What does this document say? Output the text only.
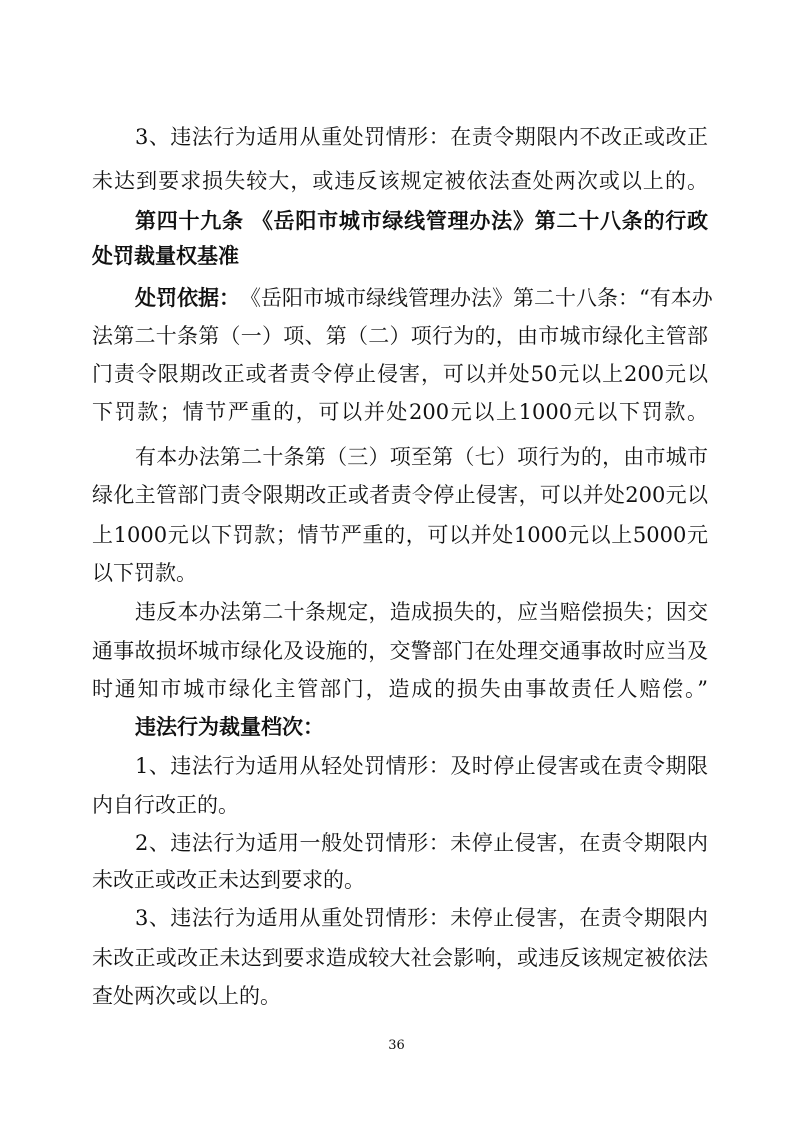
3、违法行为适用从重处罚情形：在责令期限内不改正或改正
未达到要求损失较大，或违反该规定被依法查处两次或以上的。
第四十九条 《岳阳市城市绿线管理办法》第二十八条的行政
处罚裁量权基准
处罚依据： 《岳阳市城市绿线管理办法》第二十八条：“有本办
法第二十条第（一）项、第（二）项行为的，由市城市绿化主管部
门责令限期改正或者责令停止侵害，可以并处50元以上200元以
下罚款；情节严重的，可以并处200元以上1000元以下罚款。
有本办法第二十条第（三）项至第（七）项行为的，由市城市
绿化主管部门责令限期改正或者责令停止侵害，可以并处200元以
上1000元以下罚款；情节严重的，可以并处1000元以上5000元
以下罚款。
违反本办法第二十条规定，造成损失的，应当赔偿损失；因交
通事故损坏城市绿化及设施的，交警部门在处理交通事故时应当及
时通知市城市绿化主管部门，造成的损失由事故责任人赔偿。”
违法行为裁量档次：
1、违法行为适用从轻处罚情形：及时停止侵害或在责令期限
内自行改正的。
2、违法行为适用一般处罚情形：未停止侵害，在责令期限内
未改正或改正未达到要求的。
3、违法行为适用从重处罚情形：未停止侵害，在责令期限内
未改正或改正未达到要求造成较大社会影响，或违反该规定被依法
查处两次或以上的。
36
